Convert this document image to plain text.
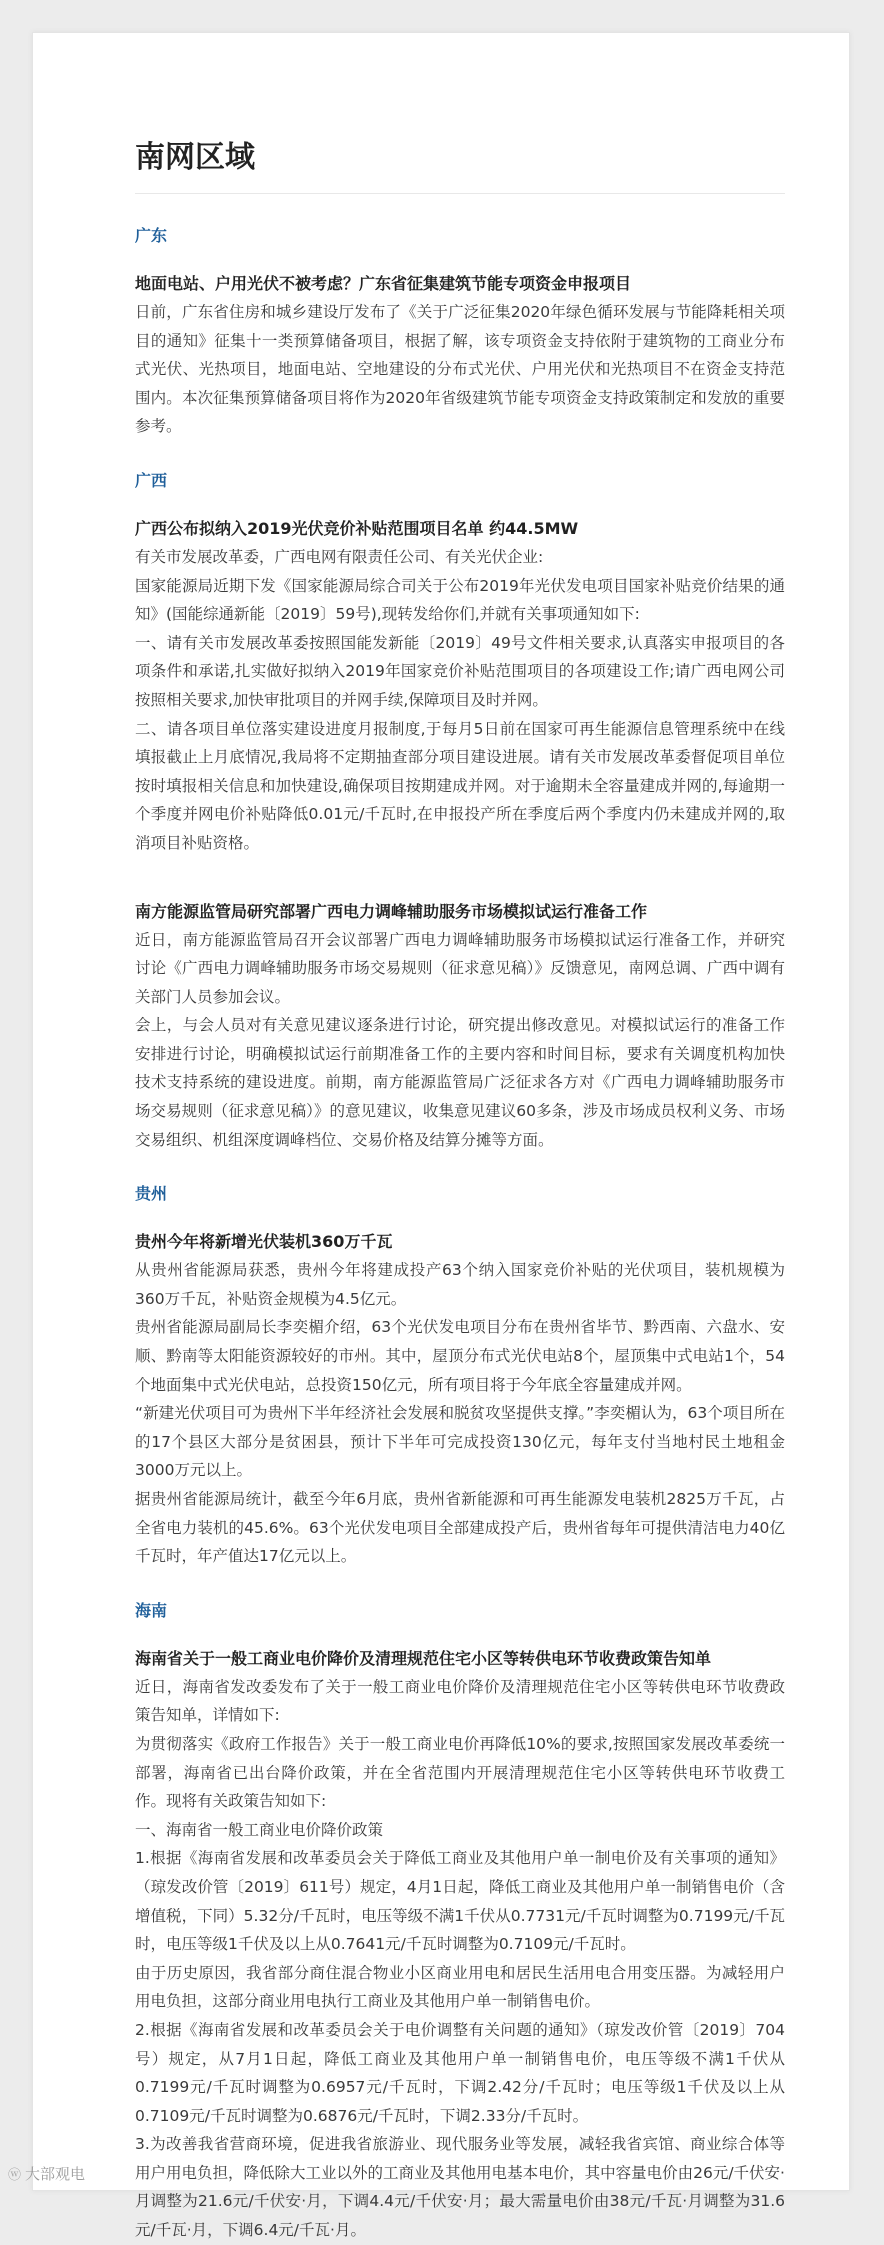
南网区域
广东
地面电站、户用光伏不被考虑？广东省征集建筑节能专项资金申报项目
日前，广东省住房和城乡建设厅发布了《关于广泛征集2020年绿色循环发展与节能降耗相关项目的通知》征集十一类预算储备项目，根据了解，该专项资金支持依附于建筑物的工商业分布式光伏、光热项目，地面电站、空地建设的分布式光伏、户用光伏和光热项目不在资金支持范围内。本次征集预算储备项目将作为2020年省级建筑节能专项资金支持政策制定和发放的重要参考。
广西
广西公布拟纳入2019光伏竞价补贴范围项目名单 约44.5MW
有关市发展改革委，广西电网有限责任公司、有关光伏企业:
国家能源局近期下发《国家能源局综合司关于公布2019年光伏发电项目国家补贴竞价结果的通知》(国能综通新能〔2019〕59号),现转发给你们,并就有关事项通知如下:
一、请有关市发展改革委按照国能发新能〔2019〕49号文件相关要求,认真落实申报项目的各项条件和承诺,扎实做好拟纳入2019年国家竞价补贴范围项目的各项建设工作;请广西电网公司按照相关要求,加快审批项目的并网手续,保障项目及时并网。
二、请各项目单位落实建设进度月报制度,于每月5日前在国家可再生能源信息管理系统中在线填报截止上月底情况,我局将不定期抽查部分项目建设进展。请有关市发展改革委督促项目单位按时填报相关信息和加快建设,确保项目按期建成并网。对于逾期未全容量建成并网的,每逾期一个季度并网电价补贴降低0.01元/千瓦时,在申报投产所在季度后两个季度内仍未建成并网的,取消项目补贴资格。
南方能源监管局研究部署广西电力调峰辅助服务市场模拟试运行准备工作
近日，南方能源监管局召开会议部署广西电力调峰辅助服务市场模拟试运行准备工作，并研究讨论《广西电力调峰辅助服务市场交易规则（征求意见稿）》反馈意见，南网总调、广西中调有关部门人员参加会议。
会上，与会人员对有关意见建议逐条进行讨论，研究提出修改意见。对模拟试运行的准备工作安排进行讨论，明确模拟试运行前期准备工作的主要内容和时间目标，要求有关调度机构加快技术支持系统的建设进度。前期，南方能源监管局广泛征求各方对《广西电力调峰辅助服务市场交易规则（征求意见稿）》的意见建议，收集意见建议60多条，涉及市场成员权利义务、市场交易组织、机组深度调峰档位、交易价格及结算分摊等方面。
贵州
贵州今年将新增光伏装机360万千瓦
从贵州省能源局获悉，贵州今年将建成投产63个纳入国家竞价补贴的光伏项目，装机规模为360万千瓦，补贴资金规模为4.5亿元。
贵州省能源局副局长李奕楣介绍，63个光伏发电项目分布在贵州省毕节、黔西南、六盘水、安顺、黔南等太阳能资源较好的市州。其中，屋顶分布式光伏电站8个，屋顶集中式电站1个，54个地面集中式光伏电站，总投资150亿元，所有项目将于今年底全容量建成并网。
“新建光伏项目可为贵州下半年经济社会发展和脱贫攻坚提供支撑。”李奕楣认为，63个项目所在的17个县区大部分是贫困县，预计下半年可完成投资130亿元，每年支付当地村民土地租金3000万元以上。
据贵州省能源局统计，截至今年6月底，贵州省新能源和可再生能源发电装机2825万千瓦，占全省电力装机的45.6%。63个光伏发电项目全部建成投产后，贵州省每年可提供清洁电力40亿千瓦时，年产值达17亿元以上。
海南
海南省关于一般工商业电价降价及清理规范住宅小区等转供电环节收费政策告知单
近日，海南省发改委发布了关于一般工商业电价降价及清理规范住宅小区等转供电环节收费政策告知单，详情如下:
为贯彻落实《政府工作报告》关于一般工商业电价再降低10%的要求,按照国家发展改革委统一部署，海南省已出台降价政策，并在全省范围内开展清理规范住宅小区等转供电环节收费工作。现将有关政策告知如下:
一、海南省一般工商业电价降价政策
1.根据《海南省发展和改革委员会关于降低工商业及其他用户单一制电价及有关事项的通知》（琼发改价管〔2019〕611号）规定，4月1日起，降低工商业及其他用户单一制销售电价（含增值税，下同）5.32分/千瓦时，电压等级不满1千伏从0.7731元/千瓦时调整为0.7199元/千瓦时，电压等级1千伏及以上从0.7641元/千瓦时调整为0.7109元/千瓦时。
由于历史原因，我省部分商住混合物业小区商业用电和居民生活用电合用变压器。为减轻用户用电负担，这部分商业用电执行工商业及其他用户单一制销售电价。
2.根据《海南省发展和改革委员会关于电价调整有关问题的通知》（琼发改价管〔2019〕704号）规定，从7月1日起，降低工商业及其他用户单一制销售电价，电压等级不满1千伏从0.7199元/千瓦时调整为0.6957元/千瓦时，下调2.42分/千瓦时；电压等级1千伏及以上从0.7109元/千瓦时调整为0.6876元/千瓦时，下调2.33分/千瓦时。
3.为改善我省营商环境，促进我省旅游业、现代服务业等发展，减轻我省宾馆、商业综合体等用户用电负担，降低除大工业以外的工商业及其他用电基本电价，其中容量电价由26元/千伏安·月调整为21.6元/千伏安·月，下调4.4元/千伏安·月；最大需量电价由38元/千瓦·月调整为31.6元/千瓦·月，下调6.4元/千瓦·月。
ⓦ 大部观电
